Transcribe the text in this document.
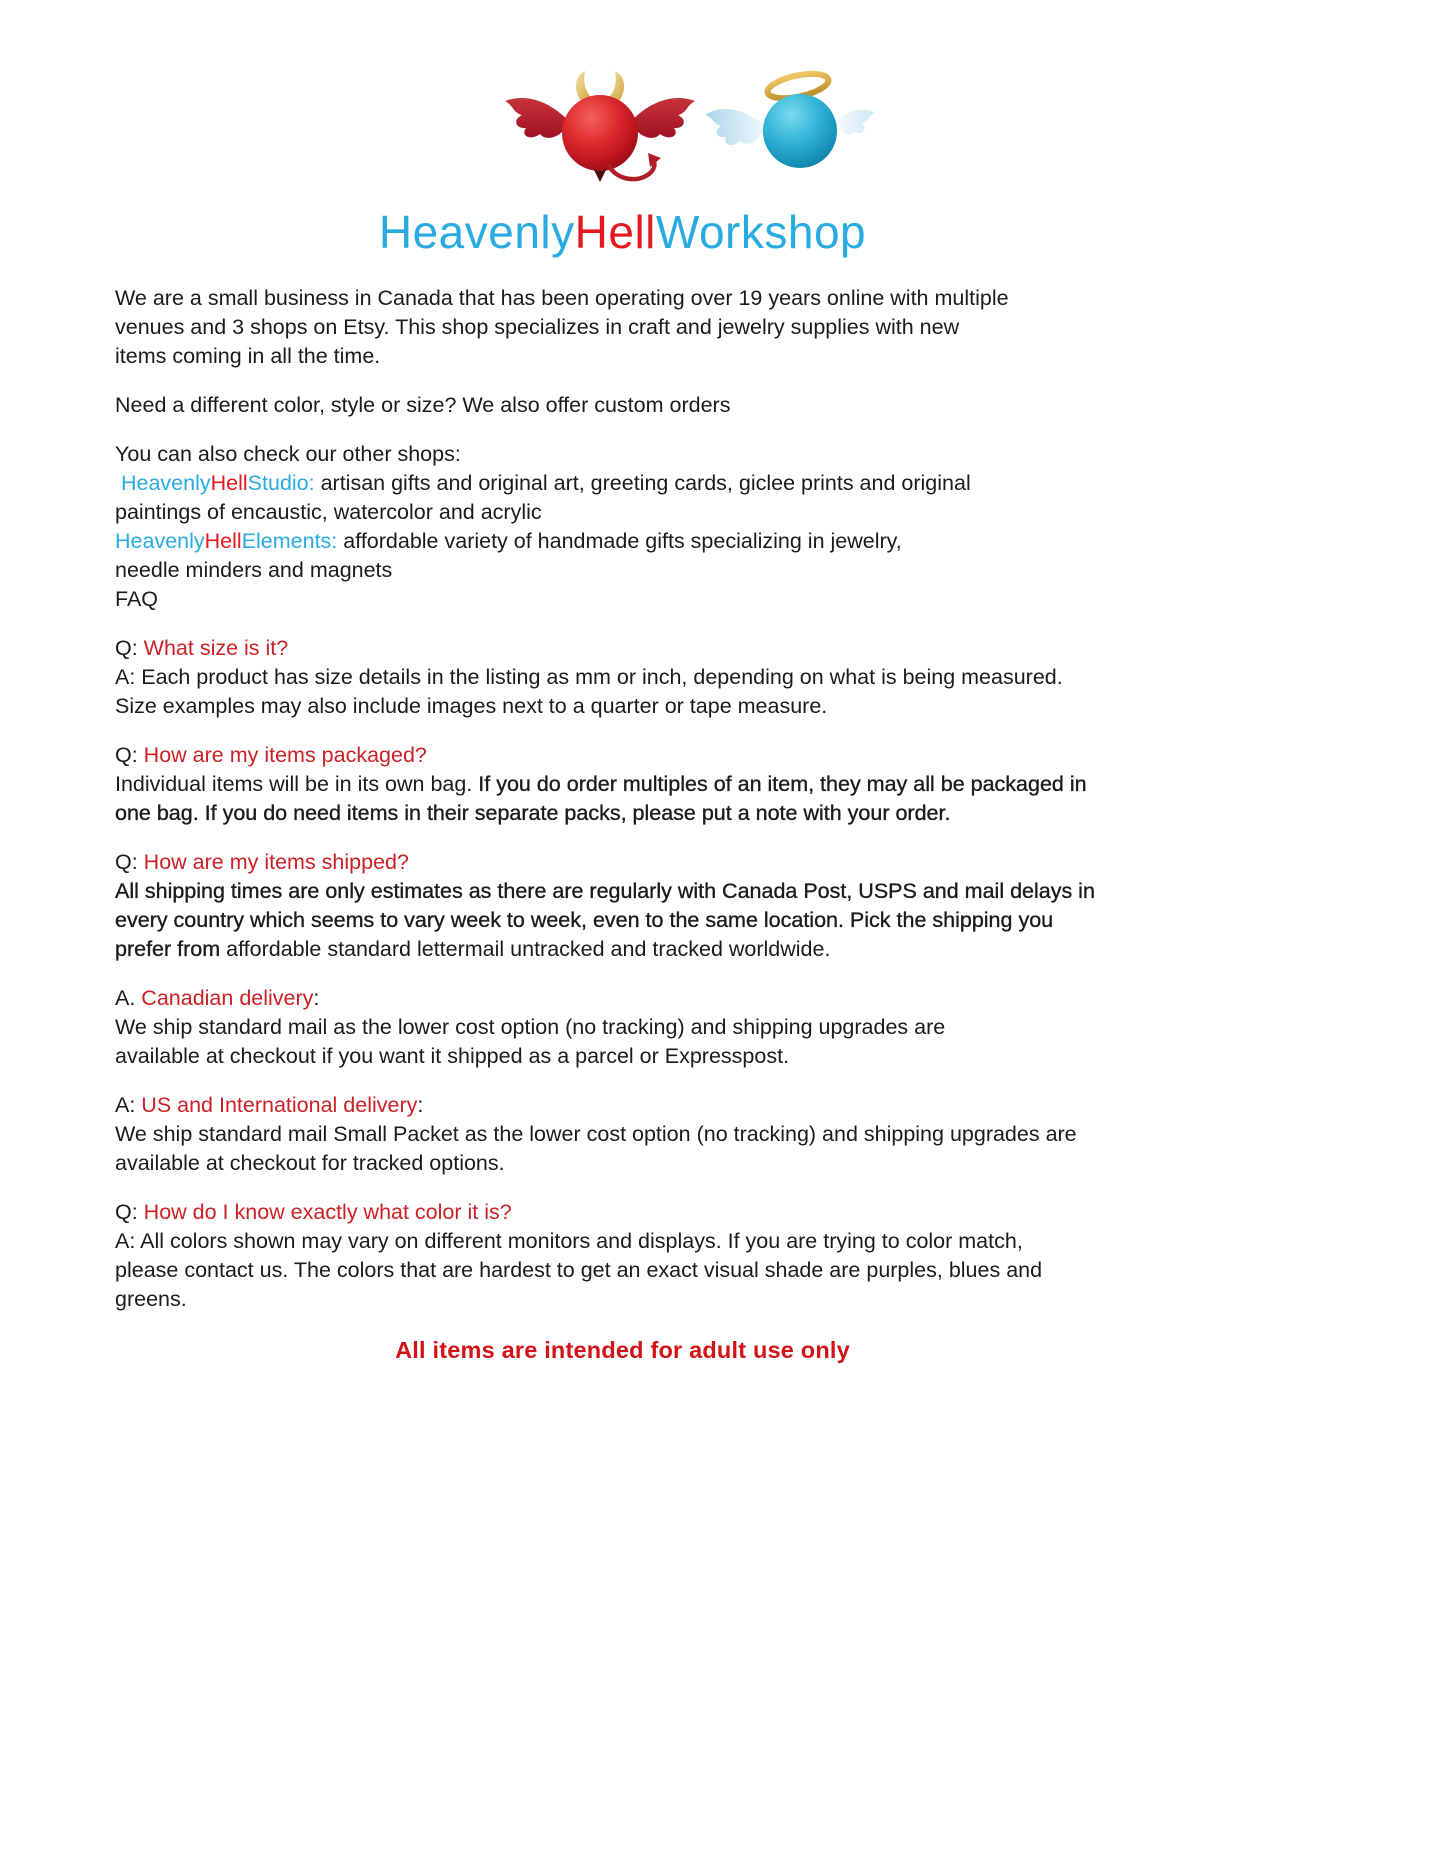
HeavenlyHellWorkshop
We are a small business in Canada that has been operating over 19 years online with multiple
venues and 3 shops on Etsy. This shop specializes in craft and jewelry supplies with new
items coming in all the time.
Need a different color, style or size? We also offer custom orders
You can also check our other shops:
HeavenlyHellStudio: artisan gifts and original art, greeting cards, giclee prints and original
paintings of encaustic, watercolor and acrylic
HeavenlyHellElements: affordable variety of handmade gifts specializing in jewelry,
needle minders and magnets
FAQ
Q: What size is it?
A: Each product has size details in the listing as mm or inch, depending on what is being measured.
Size examples may also include images next to a quarter or tape measure.
Q: How are my items packaged?
Individual items will be in its own bag. If you do order multiples of an item, they may all be packaged in
one bag. If you do need items in their separate packs, please put a note with your order.
Q: How are my items shipped?
All shipping times are only estimates as there are regularly with Canada Post, USPS and mail delays in
every country which seems to vary week to week, even to the same location. Pick the shipping you
prefer from affordable standard lettermail untracked and tracked worldwide.
A. Canadian delivery:
We ship standard mail as the lower cost option (no tracking) and shipping upgrades are
available at checkout if you want it shipped as a parcel or Expresspost.
A: US and International delivery:
We ship standard mail Small Packet as the lower cost option (no tracking) and shipping upgrades are
available at checkout for tracked options.
Q: How do I know exactly what color it is?
A: All colors shown may vary on different monitors and displays. If you are trying to color match,
please contact us. The colors that are hardest to get an exact visual shade are purples, blues and
greens.
All items are intended for adult use only
